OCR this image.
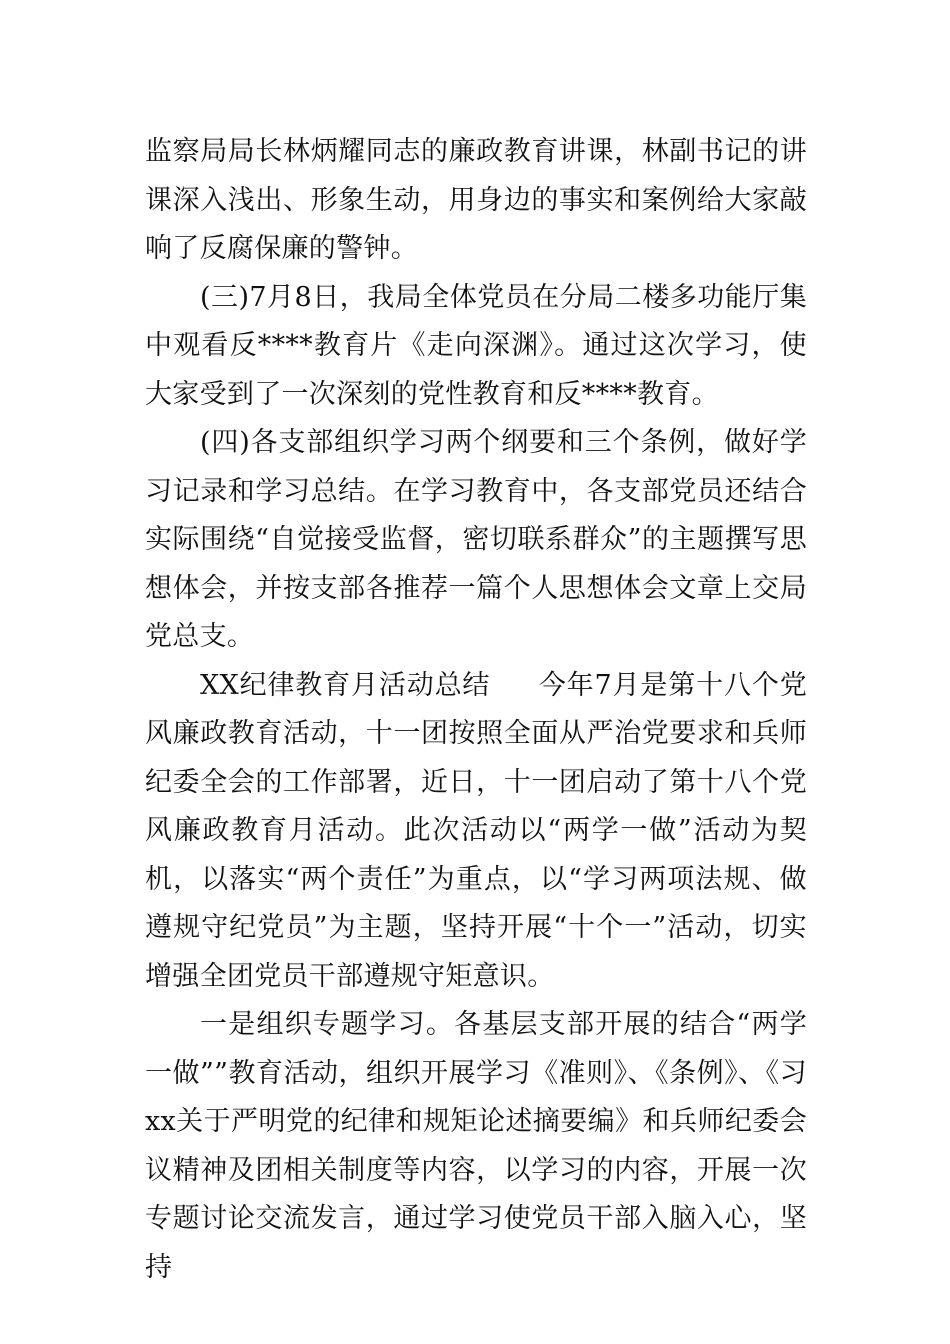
监察局局长林炳耀同志的廉政教育讲课，林副书记的讲课深入浅出、形象生动，用身边的事实和案例给大家敲响了反腐保廉的警钟。

(三)7月8日，我局全体党员在分局二楼多功能厅集中观看反****教育片《走向深渊》。通过这次学习，使大家受到了一次深刻的党性教育和反****教育。

(四)各支部组织学习两个纲要和三个条例，做好学习记录和学习总结。在学习教育中，各支部党员还结合实际围绕“自觉接受监督，密切联系群众”的主题撰写思想体会，并按支部各推荐一篇个人思想体会文章上交局党总支。

XX纪律教育月活动总结 今年7月是第十八个党风廉政教育活动，十一团按照全面从严治党要求和兵师纪委全会的工作部署，近日，十一团启动了第十八个党风廉政教育月活动。此次活动以“两学一做”活动为契机，以落实“两个责任”为重点，以“学习两项法规、做遵规守纪党员”为主题，坚持开展“十个一”活动，切实增强全团党员干部遵规守矩意识。

一是组织专题学习。各基层支部开展的结合“两学一做””教育活动，组织开展学习《准则》、《条例》、《习xx关于严明党的纪律和规矩论述摘要编》和兵师纪委会议精神及团相关制度等内容，以学习的内容，开展一次专题讨论交流发言，通过学习使党员干部入脑入心，坚持
